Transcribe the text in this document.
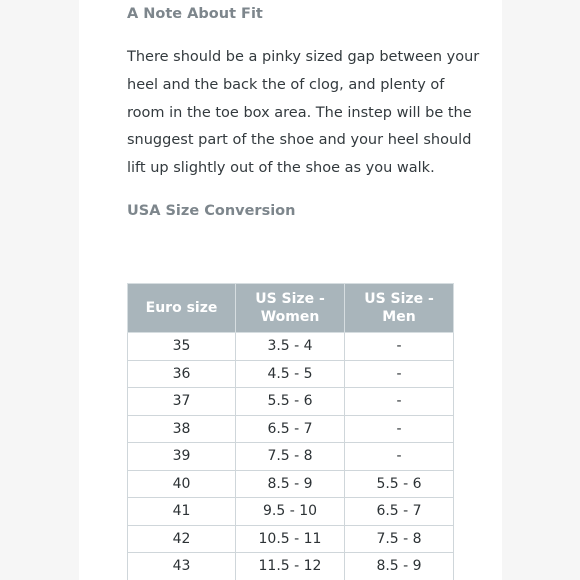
A Note About Fit
There should be a pinky sized gap between your
heel and the back the of clog, and plenty of
room in the toe box area. The instep will be the
snuggest part of the shoe and your heel should
lift up slightly out of the shoe as you walk.
USA Size Conversion
Euro size	US Size - Women	US Size - Men
35	3.5 - 4	-
36	4.5 - 5	-
37	5.5 - 6	-
38	6.5 - 7	-
39	7.5 - 8	-
40	8.5 - 9	5.5 - 6
41	9.5 - 10	6.5 - 7
42	10.5 - 11	7.5 - 8
43	11.5 - 12	8.5 - 9
